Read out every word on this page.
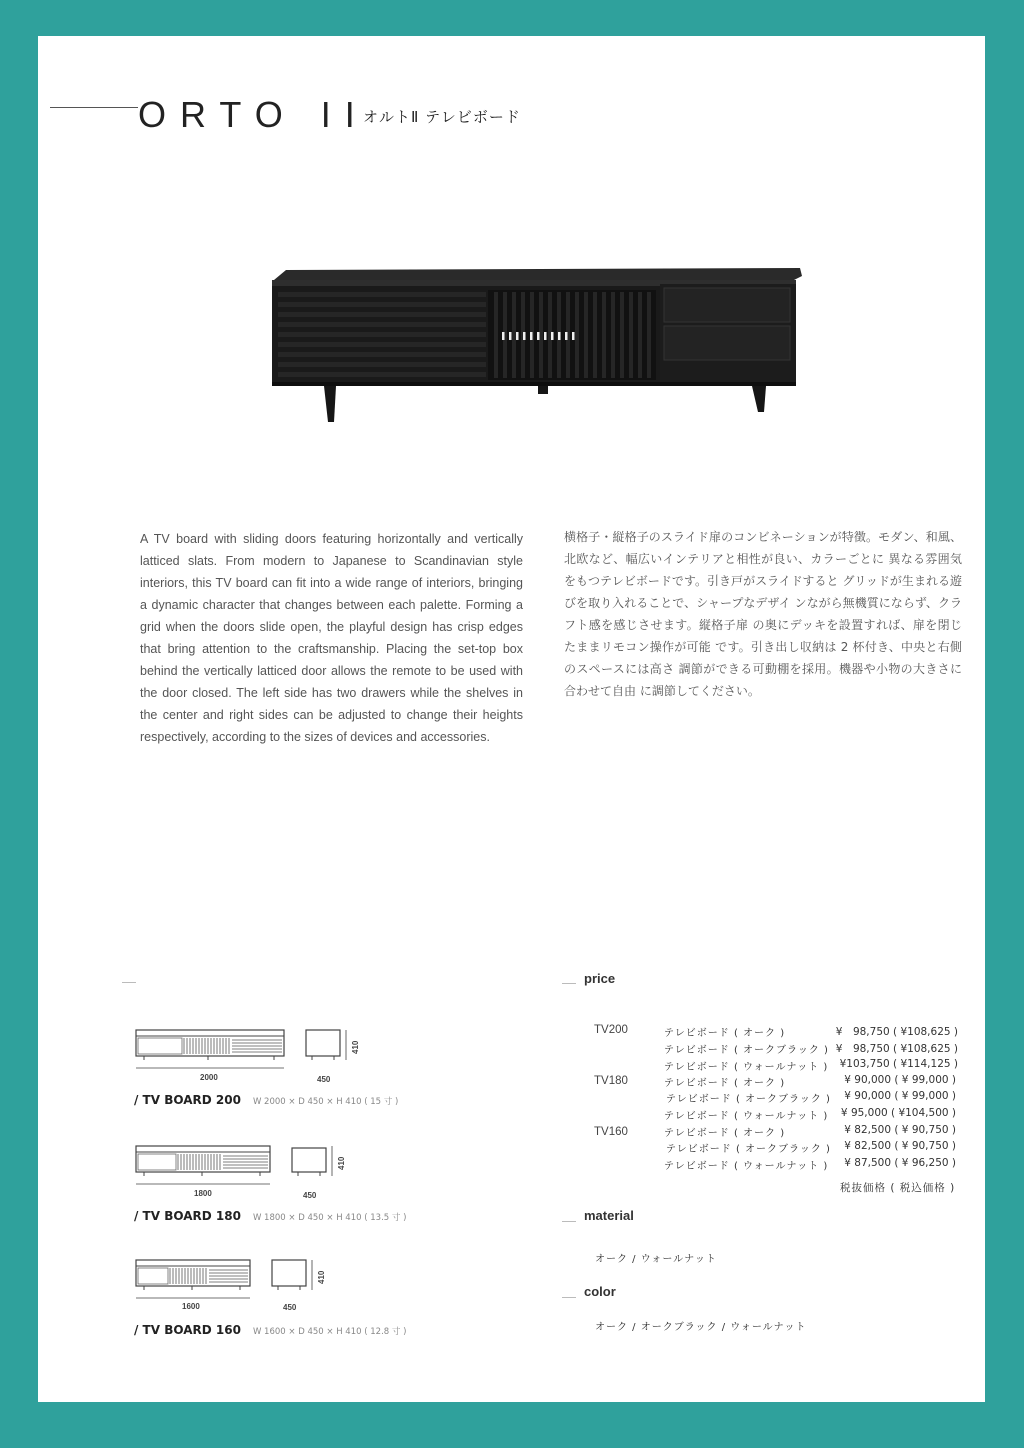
ORTO II
オルトⅡ テレビボード
A TV board with sliding doors featuring horizontally and vertically latticed slats. From modern to Japanese to Scandinavian style interiors, this TV board can fit into a wide range of interiors, bringing a dynamic character that changes between each palette. Forming a grid when the doors slide open, the playful design has crisp edges that bring attention to the craftsmanship. Placing the set-top box behind the vertically latticed door allows the remote to be used with the door closed. The left side has two drawers while the shelves in the center and right sides can be adjusted to change their heights respectively, according to the sizes of devices and accessories.
横格子・縦格子のスライド扉のコンビネーションが特徴。モダン、和風、北欧など、幅広いインテリアと相性が良い、カラーごとに 異なる雰囲気をもつテレビボードです。引き戸がスライドすると グリッドが生まれる遊びを取り入れることで、シャープなデザイ ンながら無機質にならず、クラフト感を感じさせます。縦格子扉 の奥にデッキを設置すれば、扉を閉じたままリモコン操作が可能 です。引き出し収納は 2 杯付き、中央と右側のスペースには高さ 調節ができる可動棚を採用。機器や小物の大きさに合わせて自由 に調節してください。
2000	450
410
/ TV BOARD 200 W 2000 × D 450 × H 410 ( 15 寸 )
1800	450
410
/ TV BOARD 180 W 1800 × D 450 × H 410 ( 13.5 寸 )
1600	450
410
/ TV BOARD 160 W 1600 × D 450 × H 410 ( 12.8 寸 )
price
TV200	テレビボード ( オーク )	¥　98,750 ( ¥108,625 )
テレビボード ( オークブラック ) ¥　98,750 ( ¥108,625 )
テレビボード ( ウォールナット )	¥103,750 ( ¥114,125 )
TV180	テレビボード ( オーク )	¥ 90,000 ( ¥ 99,000 )
テレビボード ( オークブラック )	¥ 90,000 ( ¥ 99,000 )
テレビボード ( ウォールナット )	¥ 95,000 ( ¥104,500 )
TV160	テレビボード ( オーク )	¥ 82,500 ( ¥ 90,750 )
テレビボード ( オークブラック )	¥ 82,500 ( ¥ 90,750 )
テレビボード ( ウォールナット )	¥ 87,500 ( ¥ 96,250 )
税抜価格 ( 税込価格 )
material
オーク / ウォールナット
color
オーク / オークブラック / ウォールナット
